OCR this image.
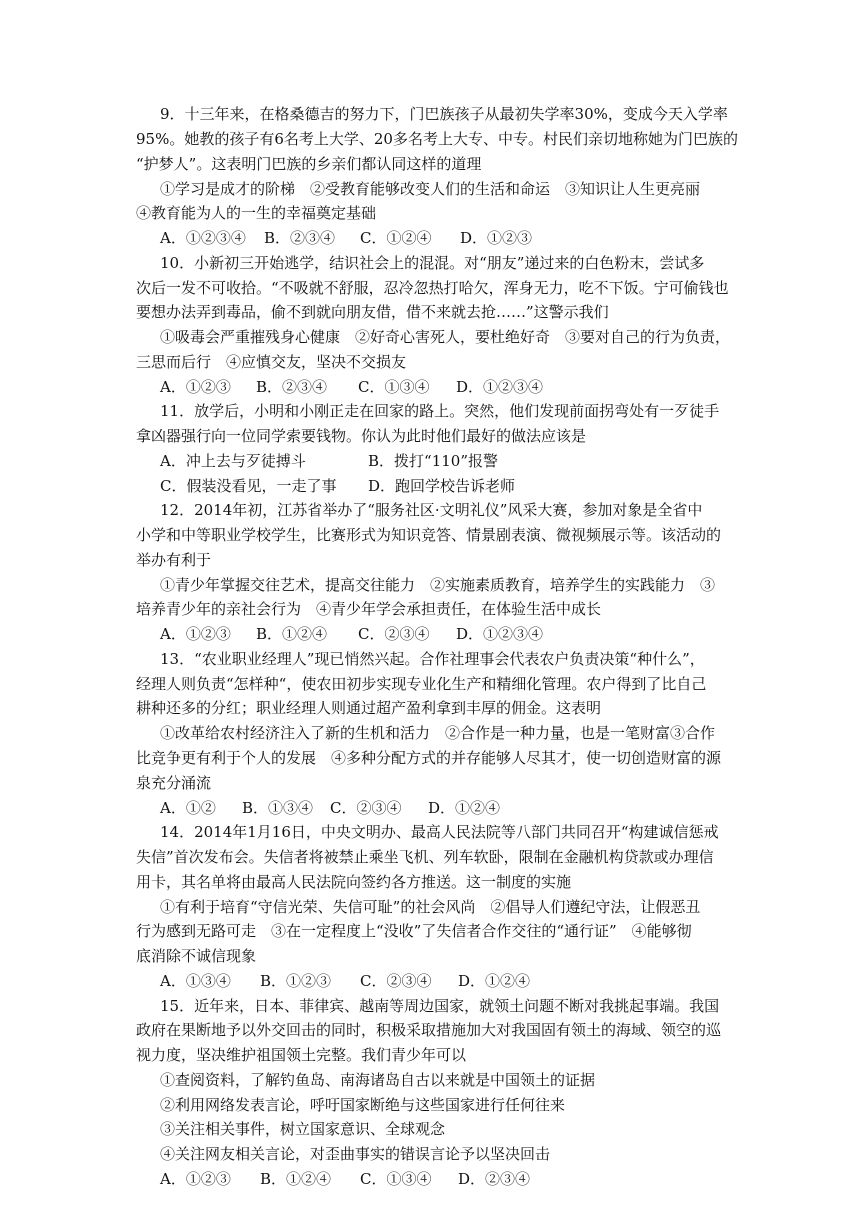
9．十三年来，在格桑德吉的努力下，门巴族孩子从最初失学率30%，变成今天入学率
95%。她教的孩子有6名考上大学、20多名考上大专、中专。村民们亲切地称她为门巴族的
“护梦人”。这表明门巴族的乡亲们都认同这样的道理
①学习是成才的阶梯　②受教育能够改变人们的生活和命运　③知识让人生更亮丽
④教育能为人的一生的幸福奠定基础
A．①②③④ B．②③④ C．①②④ D．①②③
10．小新初三开始逃学，结识社会上的混混。对“朋友”递过来的白色粉末，尝试多
次后一发不可收拾。“不吸就不舒服，忍冷忽热打哈欠，浑身无力，吃不下饭。宁可偷钱也
要想办法弄到毒品，偷不到就向朋友借，借不来就去抢……”这警示我们
①吸毒会严重摧残身心健康　②好奇心害死人，要杜绝好奇　③要对自己的行为负责，
三思而后行　④应慎交友，坚决不交损友
A．①②③ B．②③④ C．①③④ D．①②③④
11．放学后，小明和小刚正走在回家的路上。突然，他们发现前面拐弯处有一歹徒手
拿凶器强行向一位同学索要钱物。你认为此时他们最好的做法应该是
A．冲上去与歹徒搏斗	B．拨打“110”报警
C．假装没看见，一走了事 D．跑回学校告诉老师
12．2014年初，江苏省举办了“服务社区·文明礼仪”风采大赛，参加对象是全省中
小学和中等职业学校学生，比赛形式为知识竞答、情景剧表演、微视频展示等。该活动的
举办有利于
①青少年掌握交往艺术，提高交往能力　②实施素质教育，培养学生的实践能力　③
培养青少年的亲社会行为　④青少年学会承担责任，在体验生活中成长
A．①②③ B．①②④ C．②③④ D．①②③④
13．“农业职业经理人”现已悄然兴起。合作社理事会代表农户负责决策“种什么”，
经理人则负责“怎样种“，使农田初步实现专业化生产和精细化管理。农户得到了比自己
耕种还多的分红；职业经理人则通过超产盈利拿到丰厚的佣金。这表明
①改革给农村经济注入了新的生机和活力　②合作是一种力量，也是一笔财富③合作
比竞争更有利于个人的发展　④多种分配方式的并存能够人尽其才，使一切创造财富的源
泉充分涌流
A．①② B．①③④ C．②③④ D．①②④
14．2014年1月16日，中央文明办、最高人民法院等八部门共同召开“构建诚信惩戒
失信”首次发布会。失信者将被禁止乘坐飞机、列车软卧，限制在金融机构贷款或办理信
用卡，其名单将由最高人民法院向签约各方推送。这一制度的实施
①有利于培育“守信光荣、失信可耻”的社会风尚　②倡导人们遵纪守法，让假恶丑
行为感到无路可走　③在一定程度上“没收”了失信者合作交往的“通行证”　④能够彻
底消除不诚信现象
A．①③④ B．①②③ C．②③④ D．①②④
15．近年来，日本、菲律宾、越南等周边国家，就领土问题不断对我挑起事端。我国
政府在果断地予以外交回击的同时，积极采取措施加大对我国固有领土的海域、领空的巡
视力度，坚决维护祖国领土完整。我们青少年可以
①查阅资料，了解钓鱼岛、南海诸岛自古以来就是中国领土的证据
②利用网络发表言论，呼吁国家断绝与这些国家进行任何往来
③关注相关事件，树立国家意识、全球观念
④关注网友相关言论，对歪曲事实的错误言论予以坚决回击
A．①②③ B．①②④ C．①③④ D．②③④
